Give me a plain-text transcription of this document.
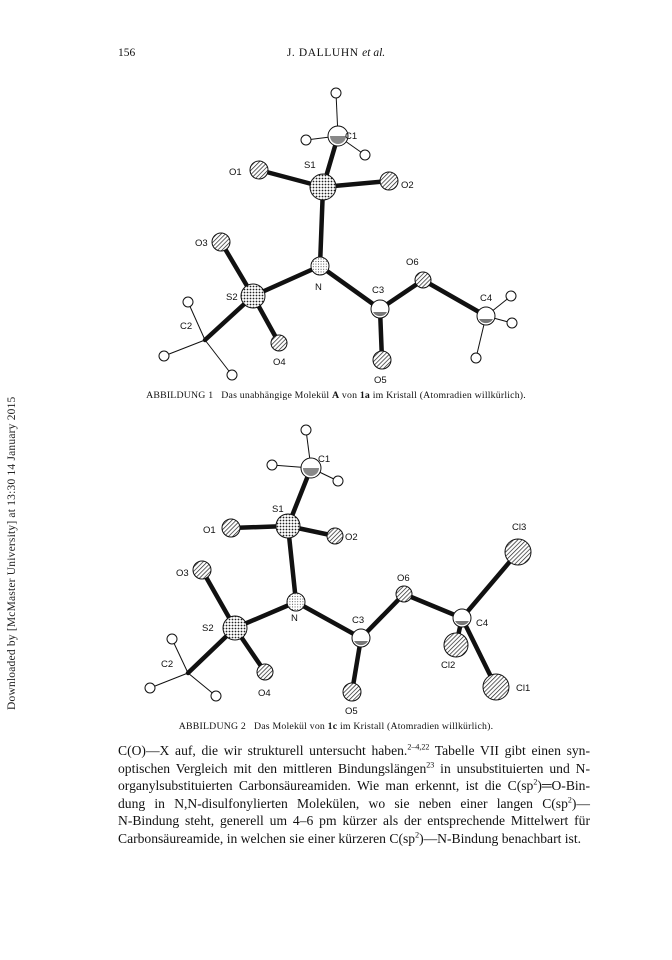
Downloaded by [McMaster University] at 13:30 14 January 2015
156	J. DALLUHN et al.
C1
S1
O1
O2
O3
O6
N	C3
S2	C4
C2
O4
O5
ABBILDUNG 1 Das unabhängige Molekül A von 1a im Kristall (Atomradien willkürlich).
C1
S1
O1
O2
Cl3
O3	O6
S2
N	C3	C4
Cl2
C2
O4	Cl1
O5
ABBILDUNG 2 Das Molekül von 1c im Kristall (Atomradien willkürlich).
C(O)—X auf, die wir strukturell untersucht haben.$^{2-4,22}$ Tabelle VII gibt einen syn-
optischen Vergleich mit den mittleren Bindungslängen$^{23}$ in unsubstituierten und N-
organylsubstituierten Carbonsäureamiden. Wie man erkennt, ist die $C(sp^2)═O-Bin-$
dung in N,N-disulfonylierten Molekülen, wo sie neben einer langen $C(sp^2)—$
N-Bindung steht, generell um 4–6 pm kürzer als der entsprechende Mittelwert für
Carbonsäureamide, in welchen sie einer kürzeren $C(sp^2)—N$-Bindung benachbart ist.
